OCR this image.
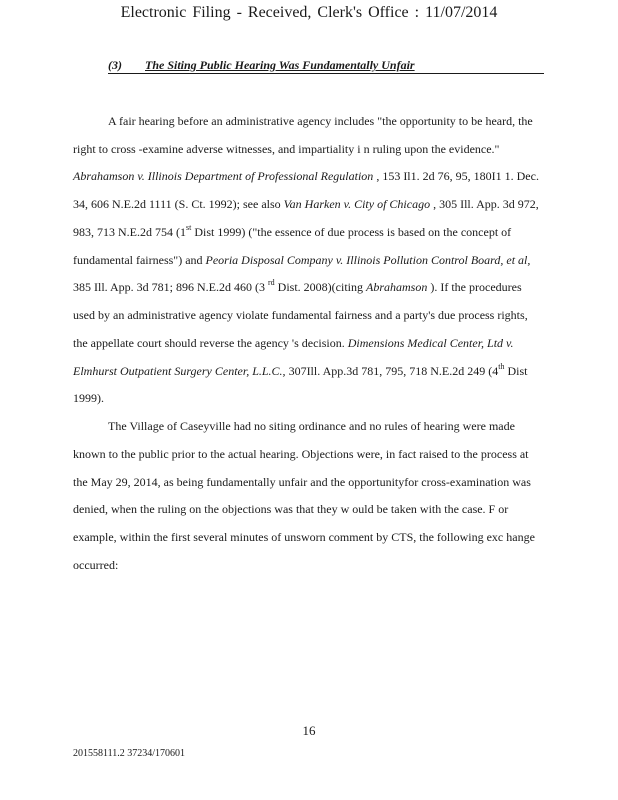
Electronic Filing - Received, Clerk's Office : 11/07/2014
(3) The Siting Public Hearing Was Fundamentally Unfair
A fair hearing before an administrative agency includes "the opportunity to be heard, the
right to cross -examine adverse witnesses, and impartiality i n ruling upon the evidence."
Abrahamson v. Illinois Department of Professional Regulation , 153 Il1. 2d 76, 95, 180I1 1. Dec.
34, 606 N.E.2d 1111 (S. Ct. 1992); see also Van Harken v. City of Chicago , 305 Ill. App. 3d 972,
983, 713 N.E.2d 754 (1st Dist 1999) ("the essence of due process is based on the concept of
fundamental fairness") and Peoria Disposal Company v. Illinois Pollution Control Board, et al,
385 Ill. App. 3d 781; 896 N.E.2d 460 (3 $^{rd}$ Dist. 2008)(citing Abrahamson ). If the procedures
used by an administrative agency violate fundamental fairness and a party's due process rights,
the appellate court should reverse the agency 's decision. Dimensions Medical Center, Ltd v.
Elmhurst Outpatient Surgery Center, L.L.C., 307Ill. App.3d 781, 795, 718 N.E.2d 249 (4th Dist
1999).
The Village of Caseyville had no siting ordinance and no rules of hearing were made
known to the public prior to the actual hearing. Objections were, in fact raised to the process at
the May 29, 2014, as being fundamentally unfair and the opportunityfor cross-examination was
denied, when the ruling on the objections was that they w ould be taken with the case. F or
example, within the first several minutes of unsworn comment by CTS, the following exc hange
occurred:
16
201558111.2 37234/170601
